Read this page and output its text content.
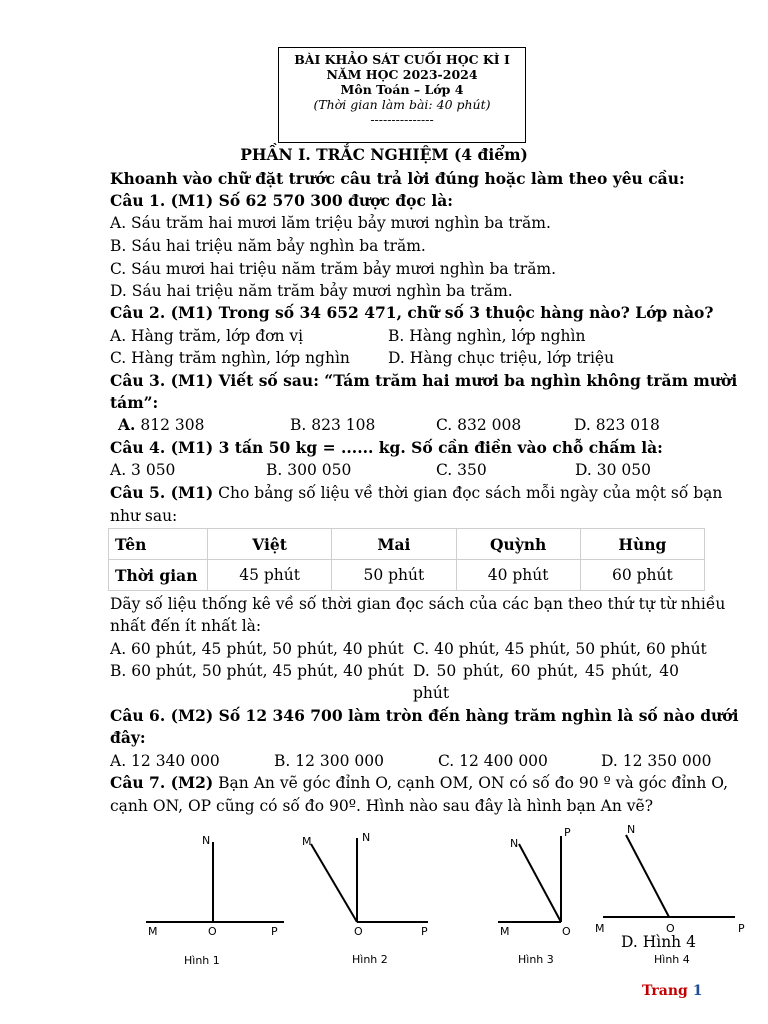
BÀI KHẢO SÁT CUỐI HỌC KÌ I
NĂM HỌC 2023-2024
Môn Toán – Lớp 4
(Thời gian làm bài: 40 phút)
---------------
PHẦN I. TRẮC NGHIỆM (4 điểm)
Khoanh vào chữ đặt trước câu trả lời đúng hoặc làm theo yêu cầu:
Câu 1. (M1) Số 62 570 300 được đọc là:
A. Sáu trăm hai mươi lăm triệu bảy mươi nghìn ba trăm.
B. Sáu hai triệu năm bảy nghìn ba trăm.
C. Sáu mươi hai triệu năm trăm bảy mươi nghìn ba trăm.
D. Sáu hai triệu năm trăm bảy mươi nghìn ba trăm.
Câu 2. (M1) Trong số 34 652 471, chữ số 3 thuộc hàng nào? Lớp nào?
A. Hàng trăm, lớp đơn vị	B. Hàng nghìn, lớp nghìn
C. Hàng trăm nghìn, lớp nghìn D. Hàng chục triệu, lớp triệu
Câu 3. (M1) Viết số sau: “Tám trăm hai mươi ba nghìn không trăm mười
tám”:
A. 812 308	B. 823 108	C. 832 008	D. 823 018
Câu 4. (M1) 3 tấn 50 kg = ...... kg. Số cần điền vào chỗ chấm là:
A. 3 050	B. 300 050	C. 350	D. 30 050
Câu 5. (M1) Cho bảng số liệu về thời gian đọc sách mỗi ngày của một số bạn
như sau:
Tên	Việt	Mai	Quỳnh	Hùng
Thời gian	45 phút	50 phút	40 phút	60 phút
Dãy số liệu thống kê về số thời gian đọc sách của các bạn theo thứ tự từ nhiều
nhất đến ít nhất là:
A. 60 phút, 45 phút, 50 phút, 40 phút C. 40 phút, 45 phút, 50 phút, 60 phút
B. 60 phút, 50 phút, 45 phút, 40 phút D. 50 phút, 60 phút, 45 phút, 40
phút
Câu 6. (M2) Số 12 346 700 làm tròn đến hàng trăm nghìn là số nào dưới
đây:
A. 12 340 000	B. 12 300 000	C. 12 400 000	D. 12 350 000
Câu 7. (M2) Bạn An vẽ góc đỉnh O, cạnh OM, ON có số đo 90 º và góc đỉnh O,
cạnh ON, OP cũng có số đo 90º. Hình nào sau đây là hình bạn An vẽ?
N
M	O	P
M	N
O	P
N
P
M	O
N
M	O	P
D. Hình 4
Hình 1	Hình 2	Hình 3	Hình 4
Trang 1
